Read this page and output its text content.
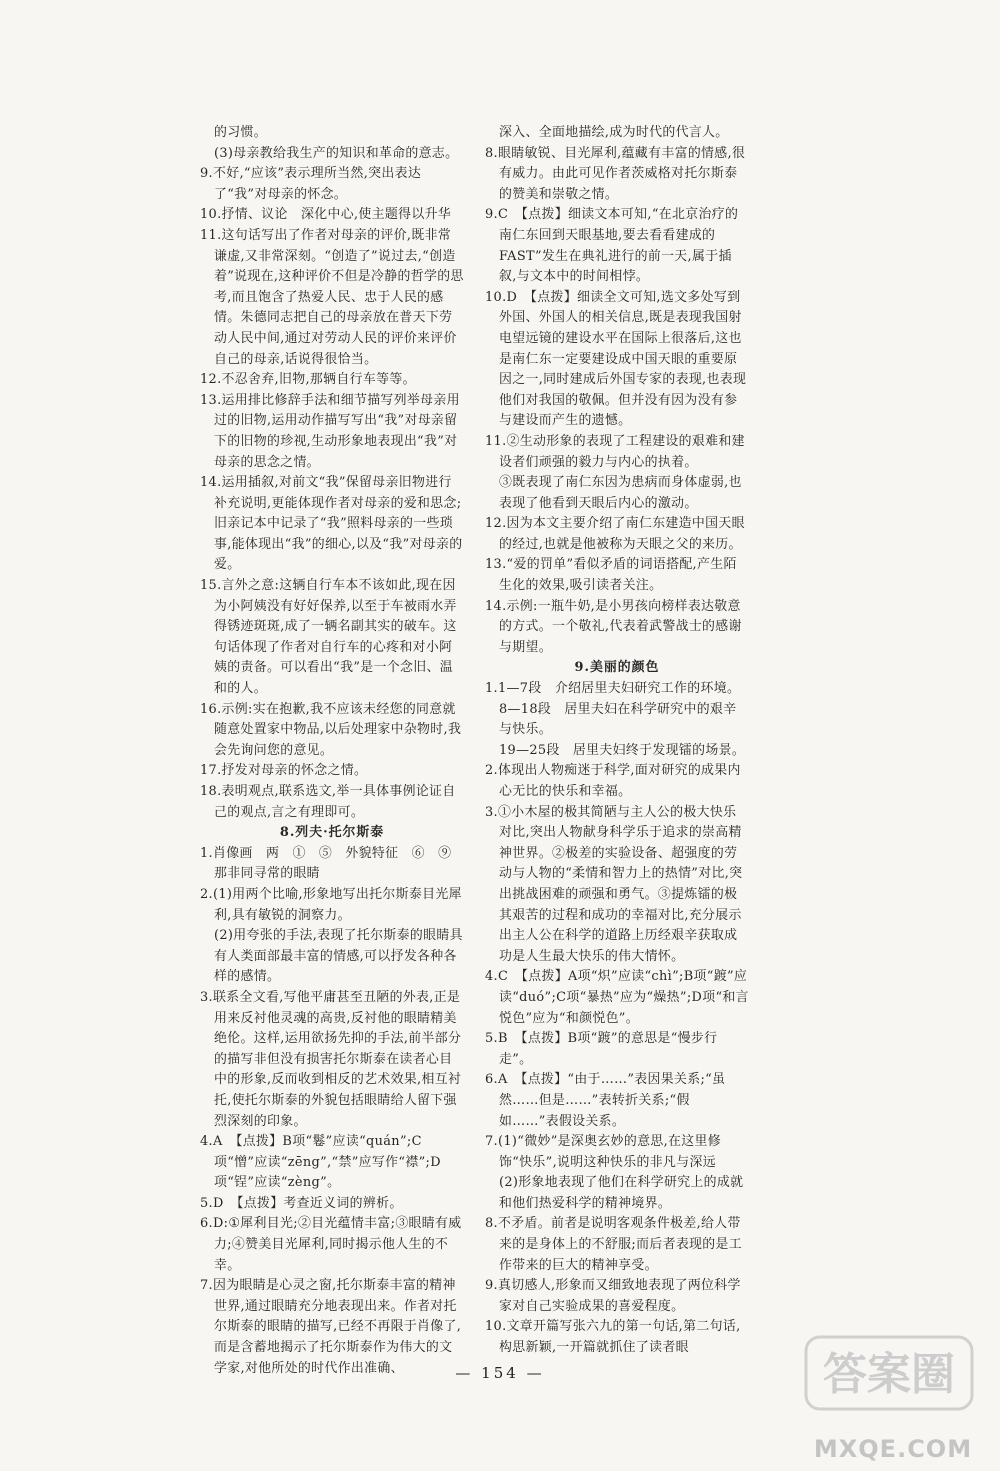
的习惯。
(3)母亲教给我生产的知识和革命的意志。
9.不好,“应该”表示理所当然,突出表达了“我”对母亲的怀念。
10.抒情、议论　深化中心,使主题得以升华
11.这句话写出了作者对母亲的评价,既非常谦虚,又非常深刻。“创造了”说过去,“创造着”说现在,这种评价不但是冷静的哲学的思考,而且饱含了热爱人民、忠于人民的感情。朱德同志把自己的母亲放在普天下劳动人民中间,通过对劳动人民的评价来评价自己的母亲,话说得很恰当。
12.不忍舍弃,旧物,那辆自行车等等。
13.运用排比修辞手法和细节描写列举母亲用过的旧物,运用动作描写写出“我”对母亲留下的旧物的珍视,生动形象地表现出“我”对母亲的思念之情。
14.运用插叙,对前文“我”保留母亲旧物进行补充说明,更能体现作者对母亲的爱和思念;旧亲记本中记录了“我”照料母亲的一些琐事,能体现出“我”的细心,以及“我”对母亲的爱。
15.言外之意:这辆自行车本不该如此,现在因为小阿姨没有好好保养,以至于车被雨水弄得锈迹斑斑,成了一辆名副其实的破车。这句话体现了作者对自行车的心疼和对小阿姨的责备。可以看出“我”是一个念旧、温和的人。
16.示例:实在抱歉,我不应该未经您的同意就随意处置家中物品,以后处理家中杂物时,我会先询问您的意见。
17.抒发对母亲的怀念之情。
18.表明观点,联系选文,举一具体事例论证自己的观点,言之有理即可。
8.列夫·托尔斯泰
1.肖像画　两　①　⑤　外貌特征　⑥　⑨　那非同寻常的眼睛
2.(1)用两个比喻,形象地写出托尔斯泰目光犀利,具有敏锐的洞察力。
(2)用夸张的手法,表现了托尔斯泰的眼睛具有人类面部最丰富的情感,可以抒发各种各样的感情。
3.联系全文看,写他平庸甚至丑陋的外表,正是用来反衬他灵魂的高贵,反衬他的眼睛精美绝伦。这样,运用欲扬先抑的手法,前半部分的描写非但没有损害托尔斯泰在读者心目中的形象,反而收到相反的艺术效果,相互衬托,使托尔斯泰的外貌包括眼睛给人留下强烈深刻的印象。
4.A　【点拨】B项“鬈”应读“quán”;C项“憎”应读“zēng”,“禁”应写作“襟”;D项“锃”应读“zèng”。
5.D　【点拨】考查近义词的辨析。
6.D:①犀利目光;②目光蕴情丰富;③眼睛有威力;④赞美目光犀利,同时揭示他人生的不幸。
7.因为眼睛是心灵之窗,托尔斯泰丰富的精神世界,通过眼睛充分地表现出来。作者对托尔斯泰的眼睛的描写,已经不再限于肖像了,而是含蓄地揭示了托尔斯泰作为伟大的文学家,对他所处的时代作出准确、
深入、全面地描绘,成为时代的代言人。
8.眼睛敏锐、目光犀利,蕴藏有丰富的情感,很有威力。由此可见作者茨威格对托尔斯泰的赞美和崇敬之情。
9.C　【点拨】细读文本可知,“在北京治疗的南仁东回到天眼基地,要去看看建成的FAST”发生在典礼进行的前一天,属于插叙,与文本中的时间相悖。
10.D　【点拨】细读全文可知,选文多处写到外国、外国人的相关信息,既是表现我国射电望远镜的建设水平在国际上很落后,这也是南仁东一定要建设成中国天眼的重要原因之一,同时建成后外国专家的表现,也表现他们对我国的敬佩。但并没有因为没有参与建设而产生的遗憾。
11.②生动形象的表现了工程建设的艰难和建设者们顽强的毅力与内心的执着。
③既表现了南仁东因为患病而身体虚弱,也表现了他看到天眼后内心的激动。
12.因为本文主要介绍了南仁东建造中国天眼的经过,也就是他被称为天眼之父的来历。
13.“爱的罚单”看似矛盾的词语搭配,产生陌生化的效果,吸引读者关注。
14.示例:一瓶牛奶,是小男孩向榜样表达敬意的方式。一个敬礼,代表着武警战士的感谢与期望。
9.美丽的颜色
1.1—7段　介绍居里夫妇研究工作的环境。
8—18段　居里夫妇在科学研究中的艰辛与快乐。
19—25段　居里夫妇终于发现镭的场景。
2.体现出人物痴迷于科学,面对研究的成果内心无比的快乐和幸福。
3.①小木屋的极其简陋与主人公的极大快乐对比,突出人物献身科学乐于追求的崇高精神世界。②极差的实验设备、超强度的劳动与人物的“柔情和智力上的热情”对比,突出挑战困难的顽强和勇气。③提炼镭的极其艰苦的过程和成功的幸福对比,充分展示出主人公在科学的道路上历经艰辛获取成功是人生最大快乐的伟大情怀。
4.C　【点拨】A项“炽”应读“chì”;B项“踱”应读“duó”;C项“暴热”应为“燥热”;D项“和言悦色”应为“和颜悦色”。
5.B　【点拨】B项“踱”的意思是“慢步行走”。
6.A　【点拨】“由于……”表因果关系;“虽然……但是……”表转折关系;“假如……”表假设关系。
7.(1)“微妙”是深奥玄妙的意思,在这里修饰“快乐”,说明这种快乐的非凡与深远
(2)形象地表现了他们在科学研究上的成就和他们热爱科学的精神境界。
8.不矛盾。前者是说明客观条件极差,给人带来的是身体上的不舒服;而后者表现的是工作带来的巨大的精神享受。
9.真切感人,形象而又细致地表现了两位科学家对自己实验成果的喜爱程度。
10.文章开篇写张六九的第一句话,第二句话,构思新颖,一开篇就抓住了读者眼
— 154 —	答案圈
MXQE.COM
